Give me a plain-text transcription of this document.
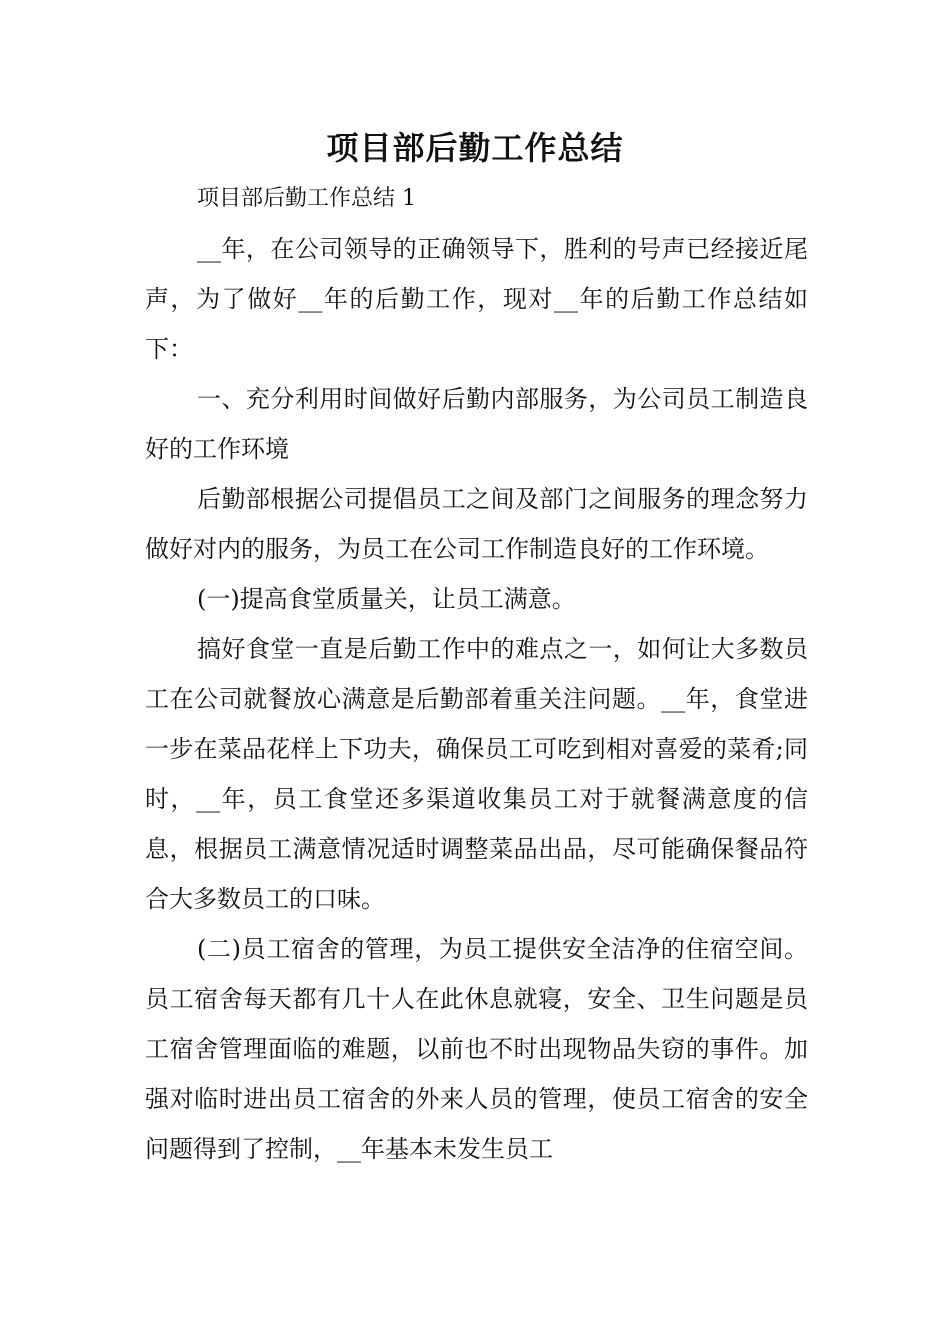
项目部后勤工作总结

项目部后勤工作总结 1

__年，在公司领导的正确领导下，胜利的号声已经接近尾声，为了做好__年的后勤工作，现对__年的后勤工作总结如下：

一、充分利用时间做好后勤内部服务，为公司员工制造良好的工作环境

后勤部根据公司提倡员工之间及部门之间服务的理念努力做好对内的服务，为员工在公司工作制造良好的工作环境。

(一)提高食堂质量关，让员工满意。

搞好食堂一直是后勤工作中的难点之一，如何让大多数员工在公司就餐放心满意是后勤部着重关注问题。__年，食堂进一步在菜品花样上下功夫，确保员工可吃到相对喜爱的菜肴;同时，__年，员工食堂还多渠道收集员工对于就餐满意度的信息，根据员工满意情况适时调整菜品出品，尽可能确保餐品符合大多数员工的口味。

(二)员工宿舍的管理，为员工提供安全洁净的住宿空间。员工宿舍每天都有几十人在此休息就寝，安全、卫生问题是员工宿舍管理面临的难题，以前也不时出现物品失窃的事件。加强对临时进出员工宿舍的外来人员的管理，使员工宿舍的安全问题得到了控制，__年基本未发生员工
